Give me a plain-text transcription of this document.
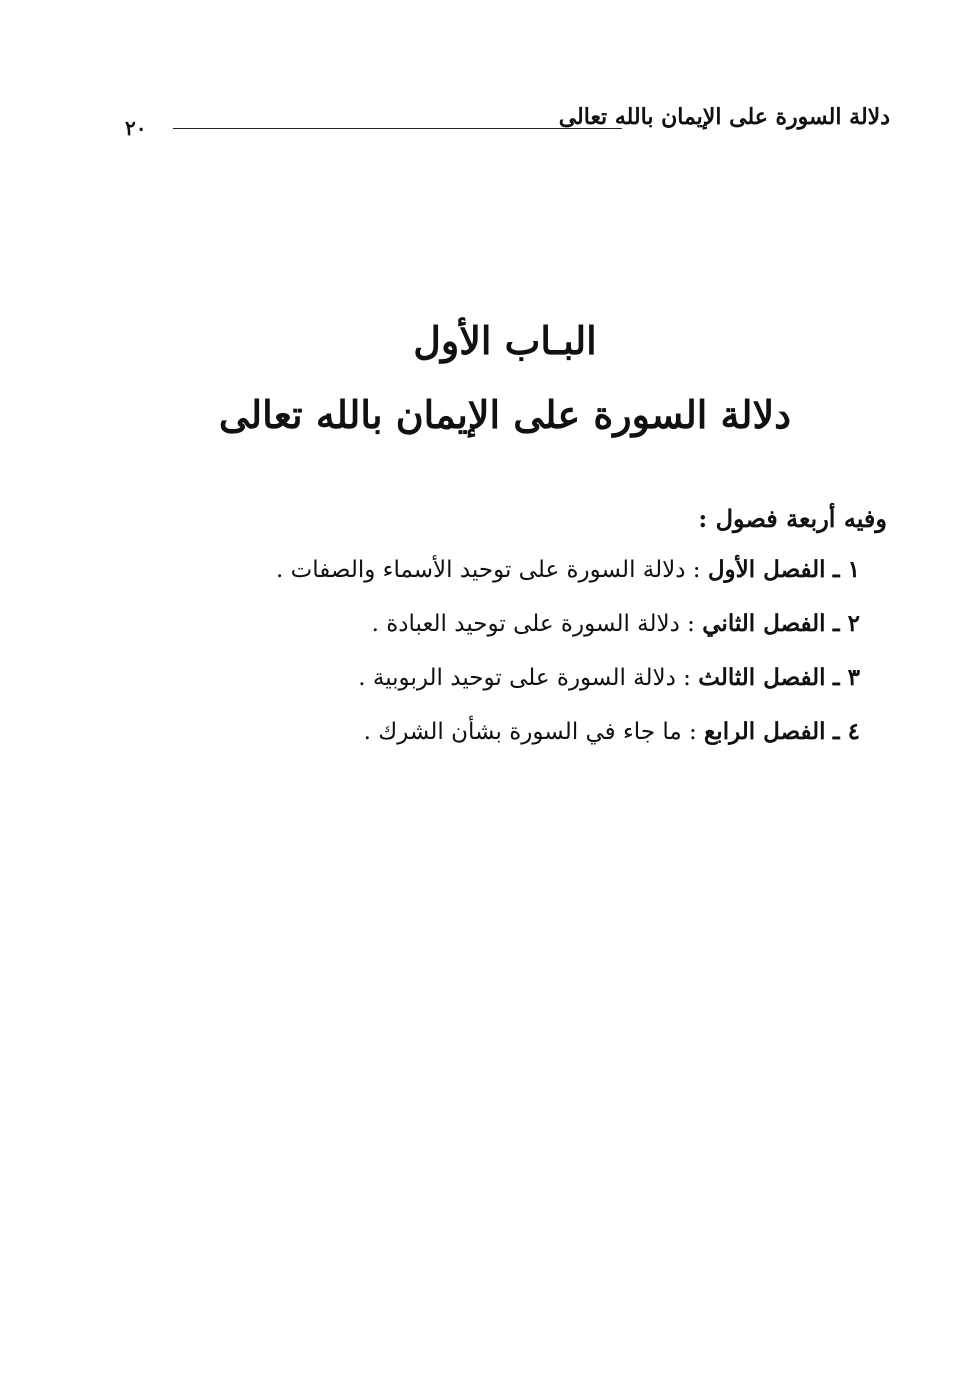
دلالة السورة على الإيمان بالله تعالى
٢٠
البـاب الأول
دلالة السورة على الإيمان بالله تعالى
وفيه أربعة فصول :
١ ـ الفصل الأول : دلالة السورة على توحيد الأسماء والصفات .
٢ ـ الفصل الثاني : دلالة السورة على توحيد العبادة .
٣ ـ الفصل الثالث : دلالة السورة على توحيد الربوبية .
٤ ـ الفصل الرابع : ما جاء في السورة بشأن الشرك .
